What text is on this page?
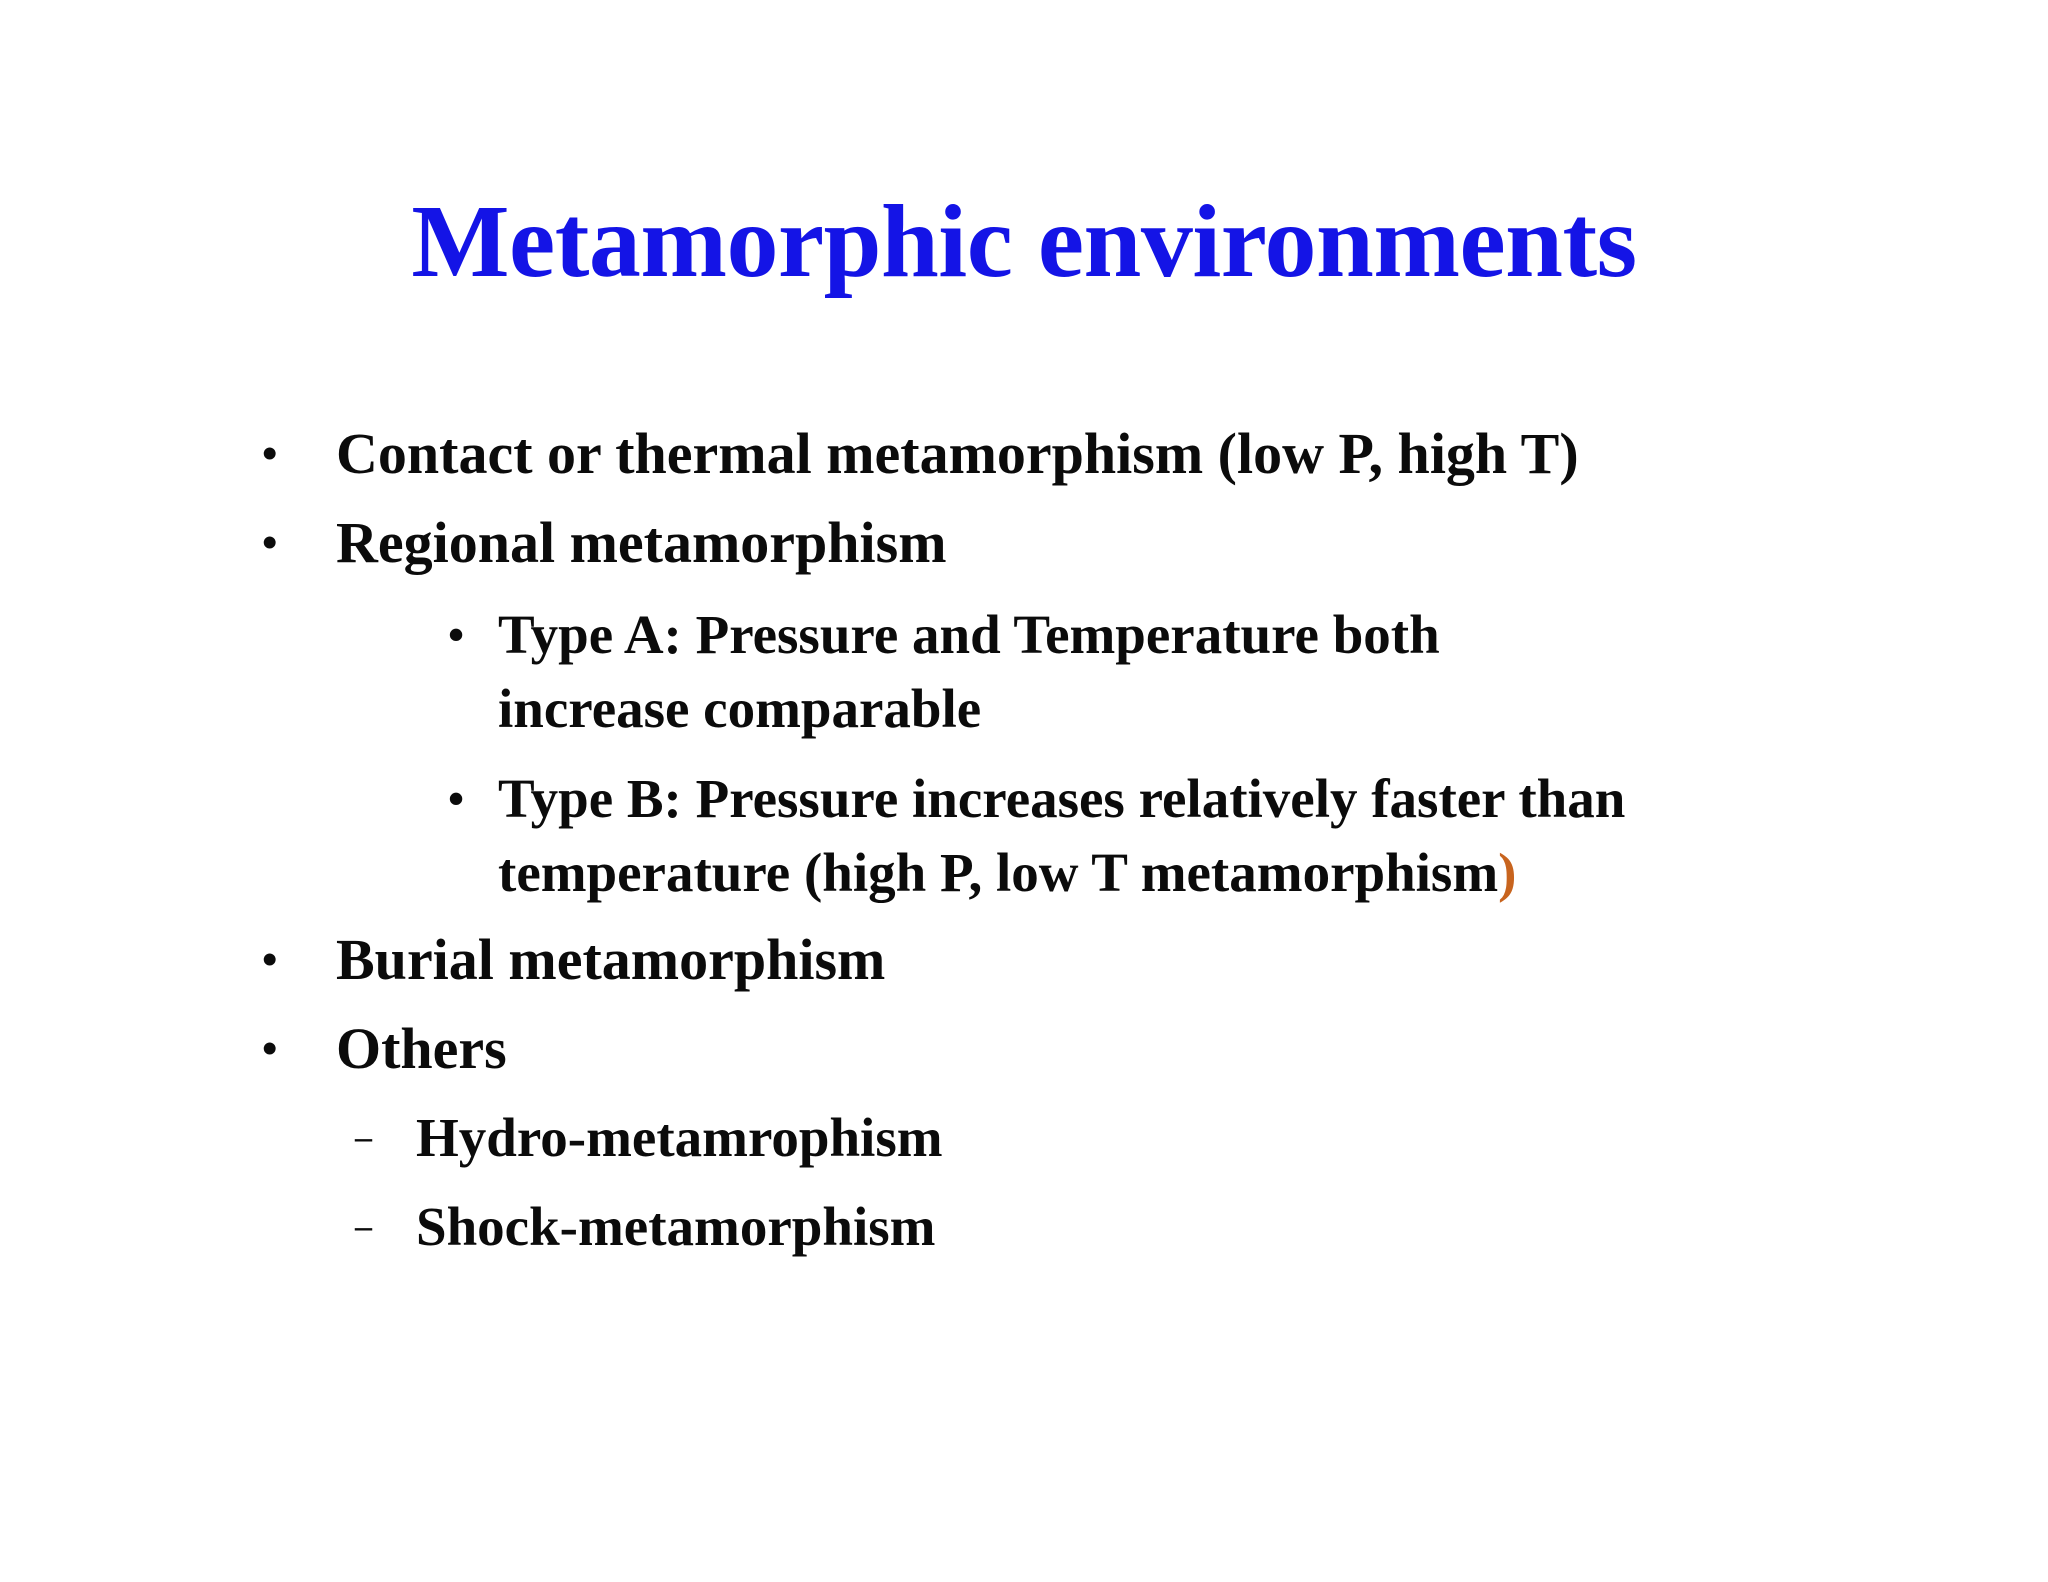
Metamorphic environments
• Contact or thermal metamorphism (low P, high T)
• Regional metamorphism
• Type A: Pressure and Temperature both
increase comparable
• Type B: Pressure increases relatively faster than
temperature (high P, low T metamorphism)
• Burial metamorphism
• Others
– Hydro-metamrophism
– Shock-metamorphism
